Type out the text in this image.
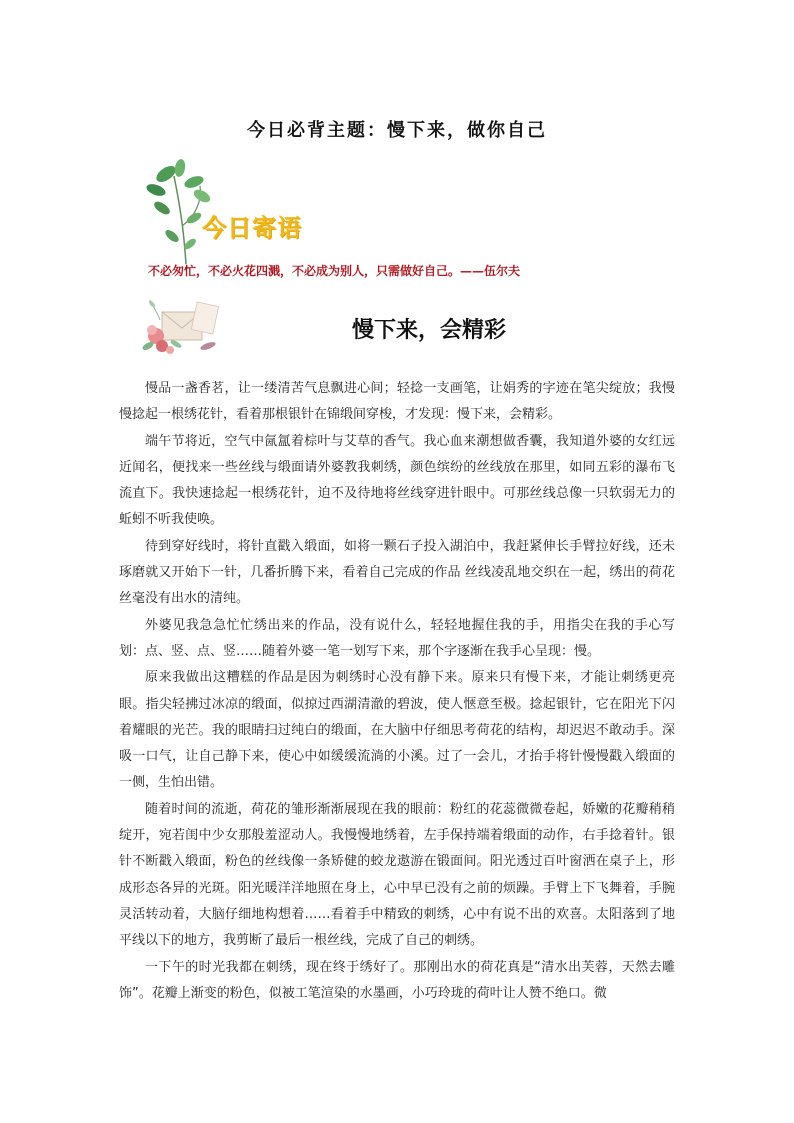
今日必背主题：慢下来，做你自己
今日寄语
不必匆忙，不必火花四溅，不必成为别人，只需做好自己。——伍尔夫
慢下来，会精彩

慢品一盏香茗，让一缕清苦气息飘进心间；轻捻一支画笔，让娟秀的字迹在笔尖绽放；我慢慢捻起一根绣花针，看着那根银针在锦缎间穿梭，才发现：慢下来，会精彩。

端午节将近，空气中氤氲着棕叶与艾草的香气。我心血来潮想做香囊，我知道外婆的女红远近闻名，便找来一些丝线与缎面请外婆教我刺绣，颜色缤纷的丝线放在那里，如同五彩的瀑布飞流直下。我快速捻起一根绣花针，迫不及待地将丝线穿进针眼中。可那丝线总像一只软弱无力的蚯蚓不听我使唤。

待到穿好线时，将针直戳入缎面，如将一颗石子投入湖泊中，我赶紧伸长手臂拉好线，还未琢磨就又开始下一针，几番折腾下来，看着自己完成的作品 丝线凌乱地交织在一起，绣出的荷花丝毫没有出水的清纯。

外婆见我急急忙忙绣出来的作品，没有说什么，轻轻地握住我的手，用指尖在我的手心写划：点、竖、点、竖……随着外婆一笔一划写下来，那个字逐渐在我手心呈现：慢。

原来我做出这糟糕的作品是因为刺绣时心没有静下来。原来只有慢下来，才能让刺绣更亮眼。指尖轻拂过冰凉的缎面，似掠过西湖清澈的碧波，使人惬意至极。捻起银针，它在阳光下闪着耀眼的光芒。我的眼睛扫过纯白的缎面，在大脑中仔细思考荷花的结构，却迟迟不敢动手。深吸一口气，让自己静下来，使心中如缓缓流淌的小溪。过了一会儿，才抬手将针慢慢戳入缎面的一侧，生怕出错。

随着时间的流逝，荷花的雏形渐渐展现在我的眼前：粉红的花蕊微微卷起，娇嫩的花瓣稍稍绽开，宛若闺中少女那般羞涩动人。我慢慢地绣着，左手保持端着缎面的动作，右手捻着针。银针不断戳入缎面，粉色的丝线像一条矫健的蛟龙遨游在锻面间。阳光透过百叶窗洒在桌子上，形成形态各异的光斑。阳光暖洋洋地照在身上，心中早已没有之前的烦躁。手臂上下飞舞着，手腕灵活转动着，大脑仔细地构想着……看着手中精致的刺绣，心中有说不出的欢喜。太阳落到了地平线以下的地方，我剪断了最后一根丝线，完成了自己的刺绣。

一下午的时光我都在刺绣，现在终于绣好了。那刚出水的荷花真是“清水出芙蓉，天然去雕饰”。花瓣上渐变的粉色，似被工笔渲染的水墨画，小巧玲珑的荷叶让人赞不绝口。微
